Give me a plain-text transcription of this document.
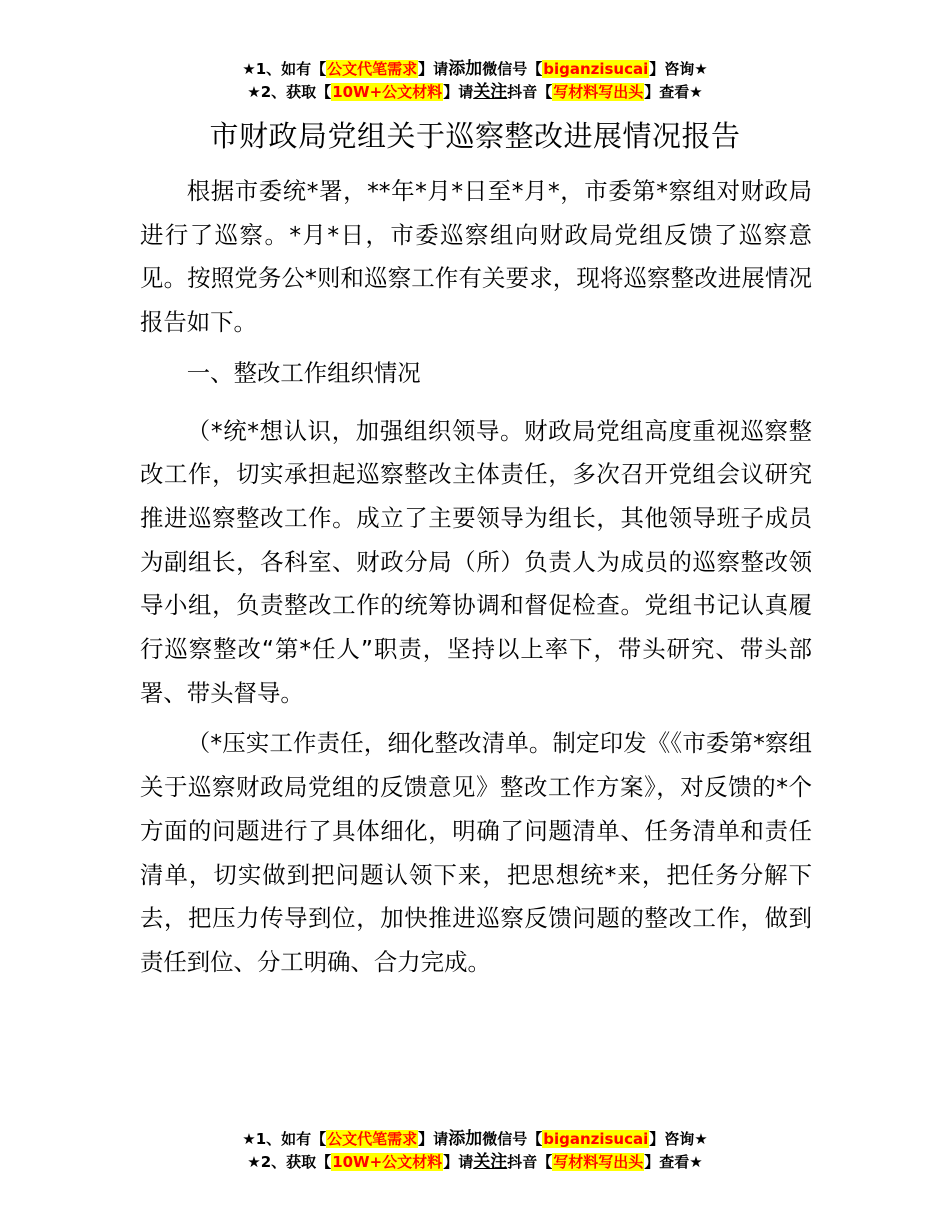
★1、如有【公文代笔需求】请添加微信号【biganzisucai】咨询★
★2、获取【10W+公文材料】请关注抖音【写材料写出头】查看★
市财政局党组关于巡察整改进展情况报告

根据市委统*署，**年*月*日至*月*，市委第*察组对财政局进行了巡察。*月*日，市委巡察组向财政局党组反馈了巡察意见。按照党务公*则和巡察工作有关要求，现将巡察整改进展情况报告如下。

一、整改工作组织情况

（*统*想认识，加强组织领导。财政局党组高度重视巡察整改工作，切实承担起巡察整改主体责任，多次召开党组会议研究推进巡察整改工作。成立了主要领导为组长，其他领导班子成员为副组长，各科室、财政分局（所）负责人为成员的巡察整改领导小组，负责整改工作的统筹协调和督促检查。党组书记认真履行巡察整改“第*任人”职责，坚持以上率下，带头研究、带头部署、带头督导。

（*压实工作责任，细化整改清单。制定印发《《市委第*察组关于巡察财政局党组的反馈意见》整改工作方案》，对反馈的*个方面的问题进行了具体细化，明确了问题清单、任务清单和责任清单，切实做到把问题认领下来，把思想统*来，把任务分解下去，把压力传导到位，加快推进巡察反馈问题的整改工作，做到责任到位、分工明确、合力完成。

★1、如有【公文代笔需求】请添加微信号【biganzisucai】咨询★
★2、获取【10W+公文材料】请关注抖音【写材料写出头】查看★
